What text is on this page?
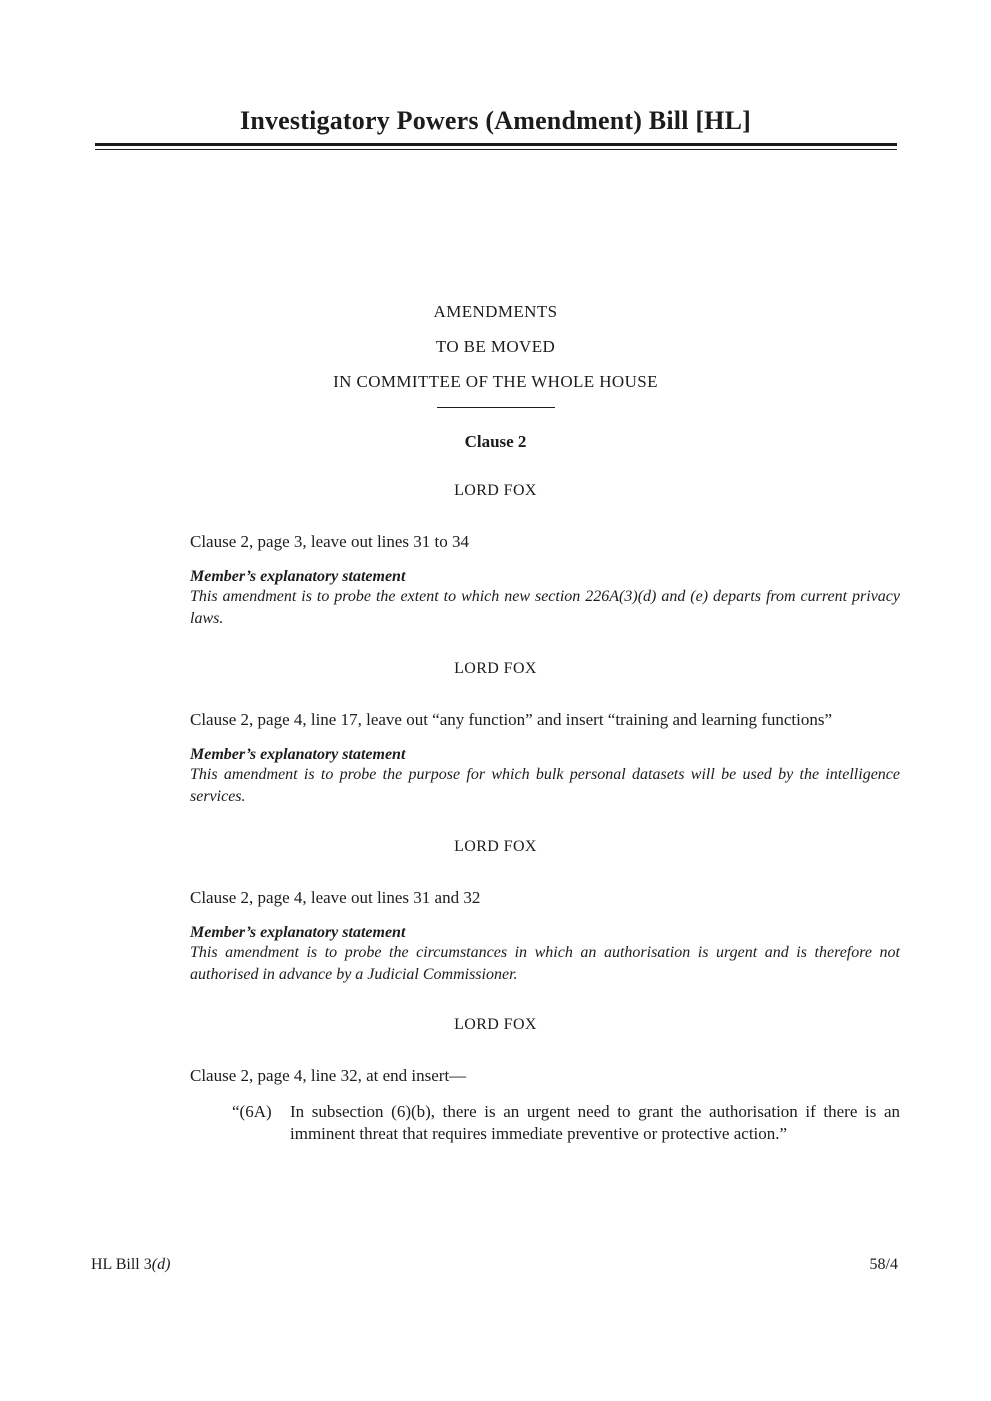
Investigatory Powers (Amendment) Bill [HL]

AMENDMENTS

TO BE MOVED

IN COMMITTEE OF THE WHOLE HOUSE

Clause 2

LORD FOX

Clause 2, page 3, leave out lines 31 to 34

Member’s explanatory statement

This amendment is to probe the extent to which new section 226A(3)(d) and (e) departs from current privacy laws.

LORD FOX

Clause 2, page 4, line 17, leave out “any function” and insert “training and learning functions”

Member’s explanatory statement

This amendment is to probe the purpose for which bulk personal datasets will be used by the intelligence services.

LORD FOX

Clause 2, page 4, leave out lines 31 and 32

Member’s explanatory statement

This amendment is to probe the circumstances in which an authorisation is urgent and is therefore not authorised in advance by a Judicial Commissioner.

LORD FOX

Clause 2, page 4, line 32, at end insert—

“(6A)	In subsection (6)(b), there is an urgent need to grant the authorisation if there is an imminent threat that requires immediate preventive or protective action.”
HL Bill 3(d)	58/4
